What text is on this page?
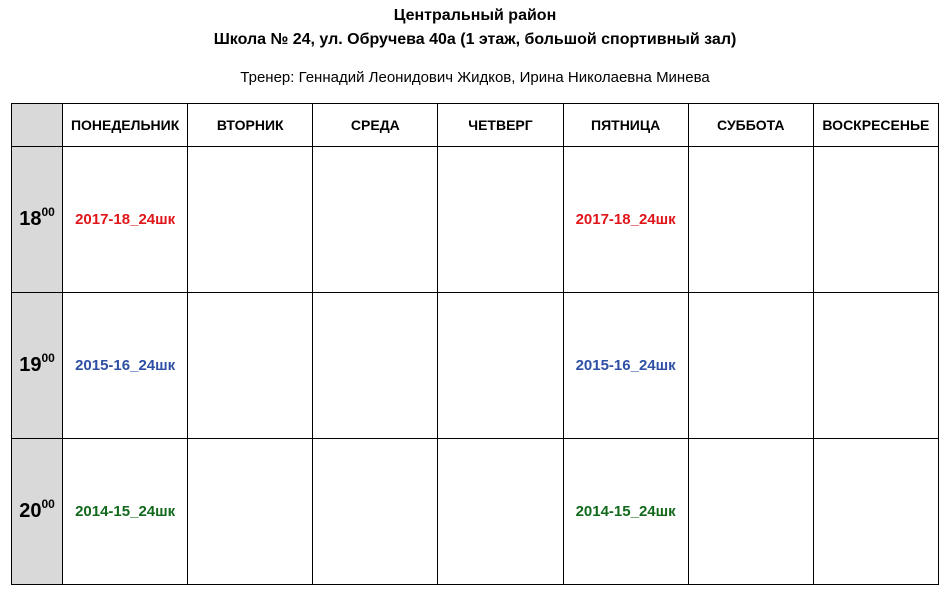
Центральный район
Школа № 24, ул. Обручева 40а (1 этаж, большой спортивный зал)
Тренер: Геннадий Леонидович Жидков, Ирина Николаевна Минева
	ПОНЕДЕЛЬНИК	ВТОРНИК	СРЕДА	ЧЕТВЕРГ	ПЯТНИЦА	СУББОТА	ВОСКРЕСЕНЬЕ
$18^{00}$	2017-18_24шк				2017-18_24шк		
$19^{00}$	2015-16_24шк				2015-16_24шк		
$20^{00}$	2014-15_24шк				2014-15_24шк		
